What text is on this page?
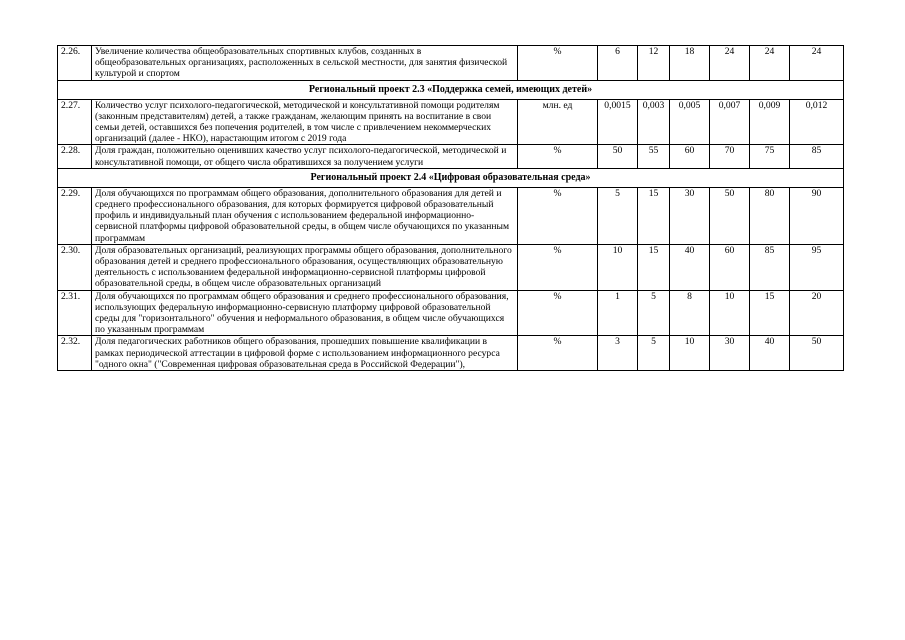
2.26.	Увеличение количества общеобразовательных спортивных клубов, созданных в общеобразовательных организациях, расположенных в сельской местности, для занятия физической культурой и спортом	%	6	12	18	24	24	24
Региональный проект 2.3 «Поддержка семей, имеющих детей»								
2.27.	Количество услуг психолого-педагогической, методической и консультативной помощи родителям (законным представителям) детей, а также гражданам, желающим принять на воспитание в свои семьи детей, оставшихся без попечения родителей, в том числе с привлечением некоммерческих организаций (далее - НКО), нарастающим итогом с 2019 года	млн. ед	0,0015	0,003	0,005	0,007	0,009	0,012
2.28.	Доля граждан, положительно оценивших качество услуг психолого-педагогической, методической и консультативной помощи, от общего числа обратившихся за получением услуги	%	50	55	60	70	75	85
Региональный проект 2.4 «Цифровая образовательная среда»								
2.29.	Доля обучающихся по программам общего образования, дополнительного образования для детей и среднего профессионального образования, для которых формируется цифровой образовательный профиль и индивидуальный план обучения с использованием федеральной информационно-сервисной платформы цифровой образовательной среды, в общем числе обучающихся по указанным программам	%	5	15	30	50	80	90
2.30.	Доля образовательных организаций, реализующих программы общего образования, дополнительного образования детей и среднего профессионального образования, осуществляющих образовательную деятельность с использованием федеральной информационно-сервисной платформы цифровой образовательной среды, в общем числе образовательных организаций	%	10	15	40	60	85	95
2.31.	Доля обучающихся по программам общего образования и среднего профессионального образования, использующих федеральную информационно-сервисную платформу цифровой образовательной среды для "горизонтального" обучения и неформального образования, в общем числе обучающихся по указанным программам	%	1	5	8	10	15	20
2.32.	Доля педагогических работников общего образования, прошедших повышение квалификации в рамках периодической аттестации в цифровой форме с использованием информационного ресурса "одного окна" ("Современная цифровая образовательная среда в Российской Федерации"),	%	3	5	10	30	40	50
